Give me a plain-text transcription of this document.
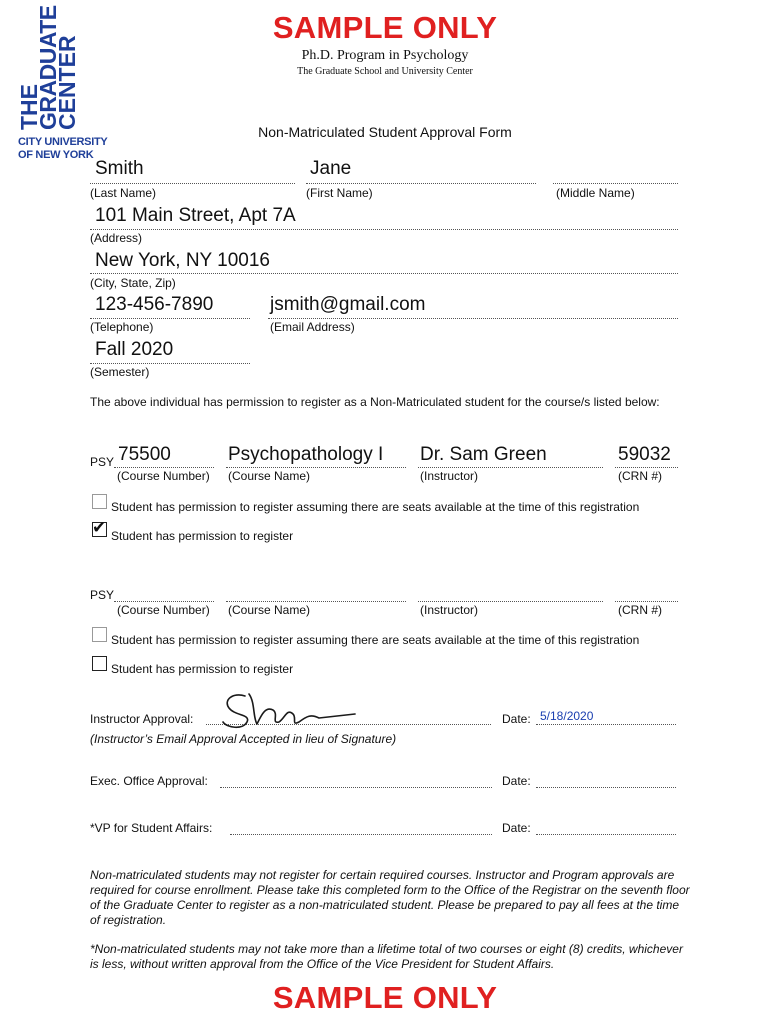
THE
GRADUATE
CENTER
CITY UNIVERSITY
OF NEW YORK
SAMPLE ONLY
Ph.D. Program in Psychology
The Graduate School and University Center
Non-Matriculated Student Approval Form
Smith
(Last Name)
Jane
(First Name)	(Middle Name)
101 Main Street, Apt 7A
(Address)
New York, NY 10016
(City, State, Zip)
123-456-7890
(Telephone)
jsmith@gmail.com
(Email Address)
Fall 2020
(Semester)
The above individual has permission to register as a Non-Matriculated student for the course/s listed below:
PSY 75500
(Course Number)
Psychopathology I
(Course Name)
Dr. Sam Green
(Instructor)
59032
(CRN #)
Student has permission to register assuming there are seats available at the time of this registration
✔ Student has permission to register
PSY
(Course Number) (Course Name)	(Instructor)	(CRN #)
Student has permission to register assuming there are seats available at the time of this registration
Student has permission to register
Instructor Approval:	Date: 5/18/2020
(Instructor’s Email Approval Accepted in lieu of Signature)
Exec. Office Approval:	Date:
*VP for Student Affairs:	Date:
Non-matriculated students may not register for certain required courses. Instructor and Program approvals are required for course enrollment. Please take this completed form to the Office of the Registrar on the seventh floor of the Graduate Center to register as a non-matriculated student. Please be prepared to pay all fees at the time of registration.
*Non-matriculated students may not take more than a lifetime total of two courses or eight (8) credits, whichever is less, without written approval from the Office of the Vice President for Student Affairs.
SAMPLE ONLY
